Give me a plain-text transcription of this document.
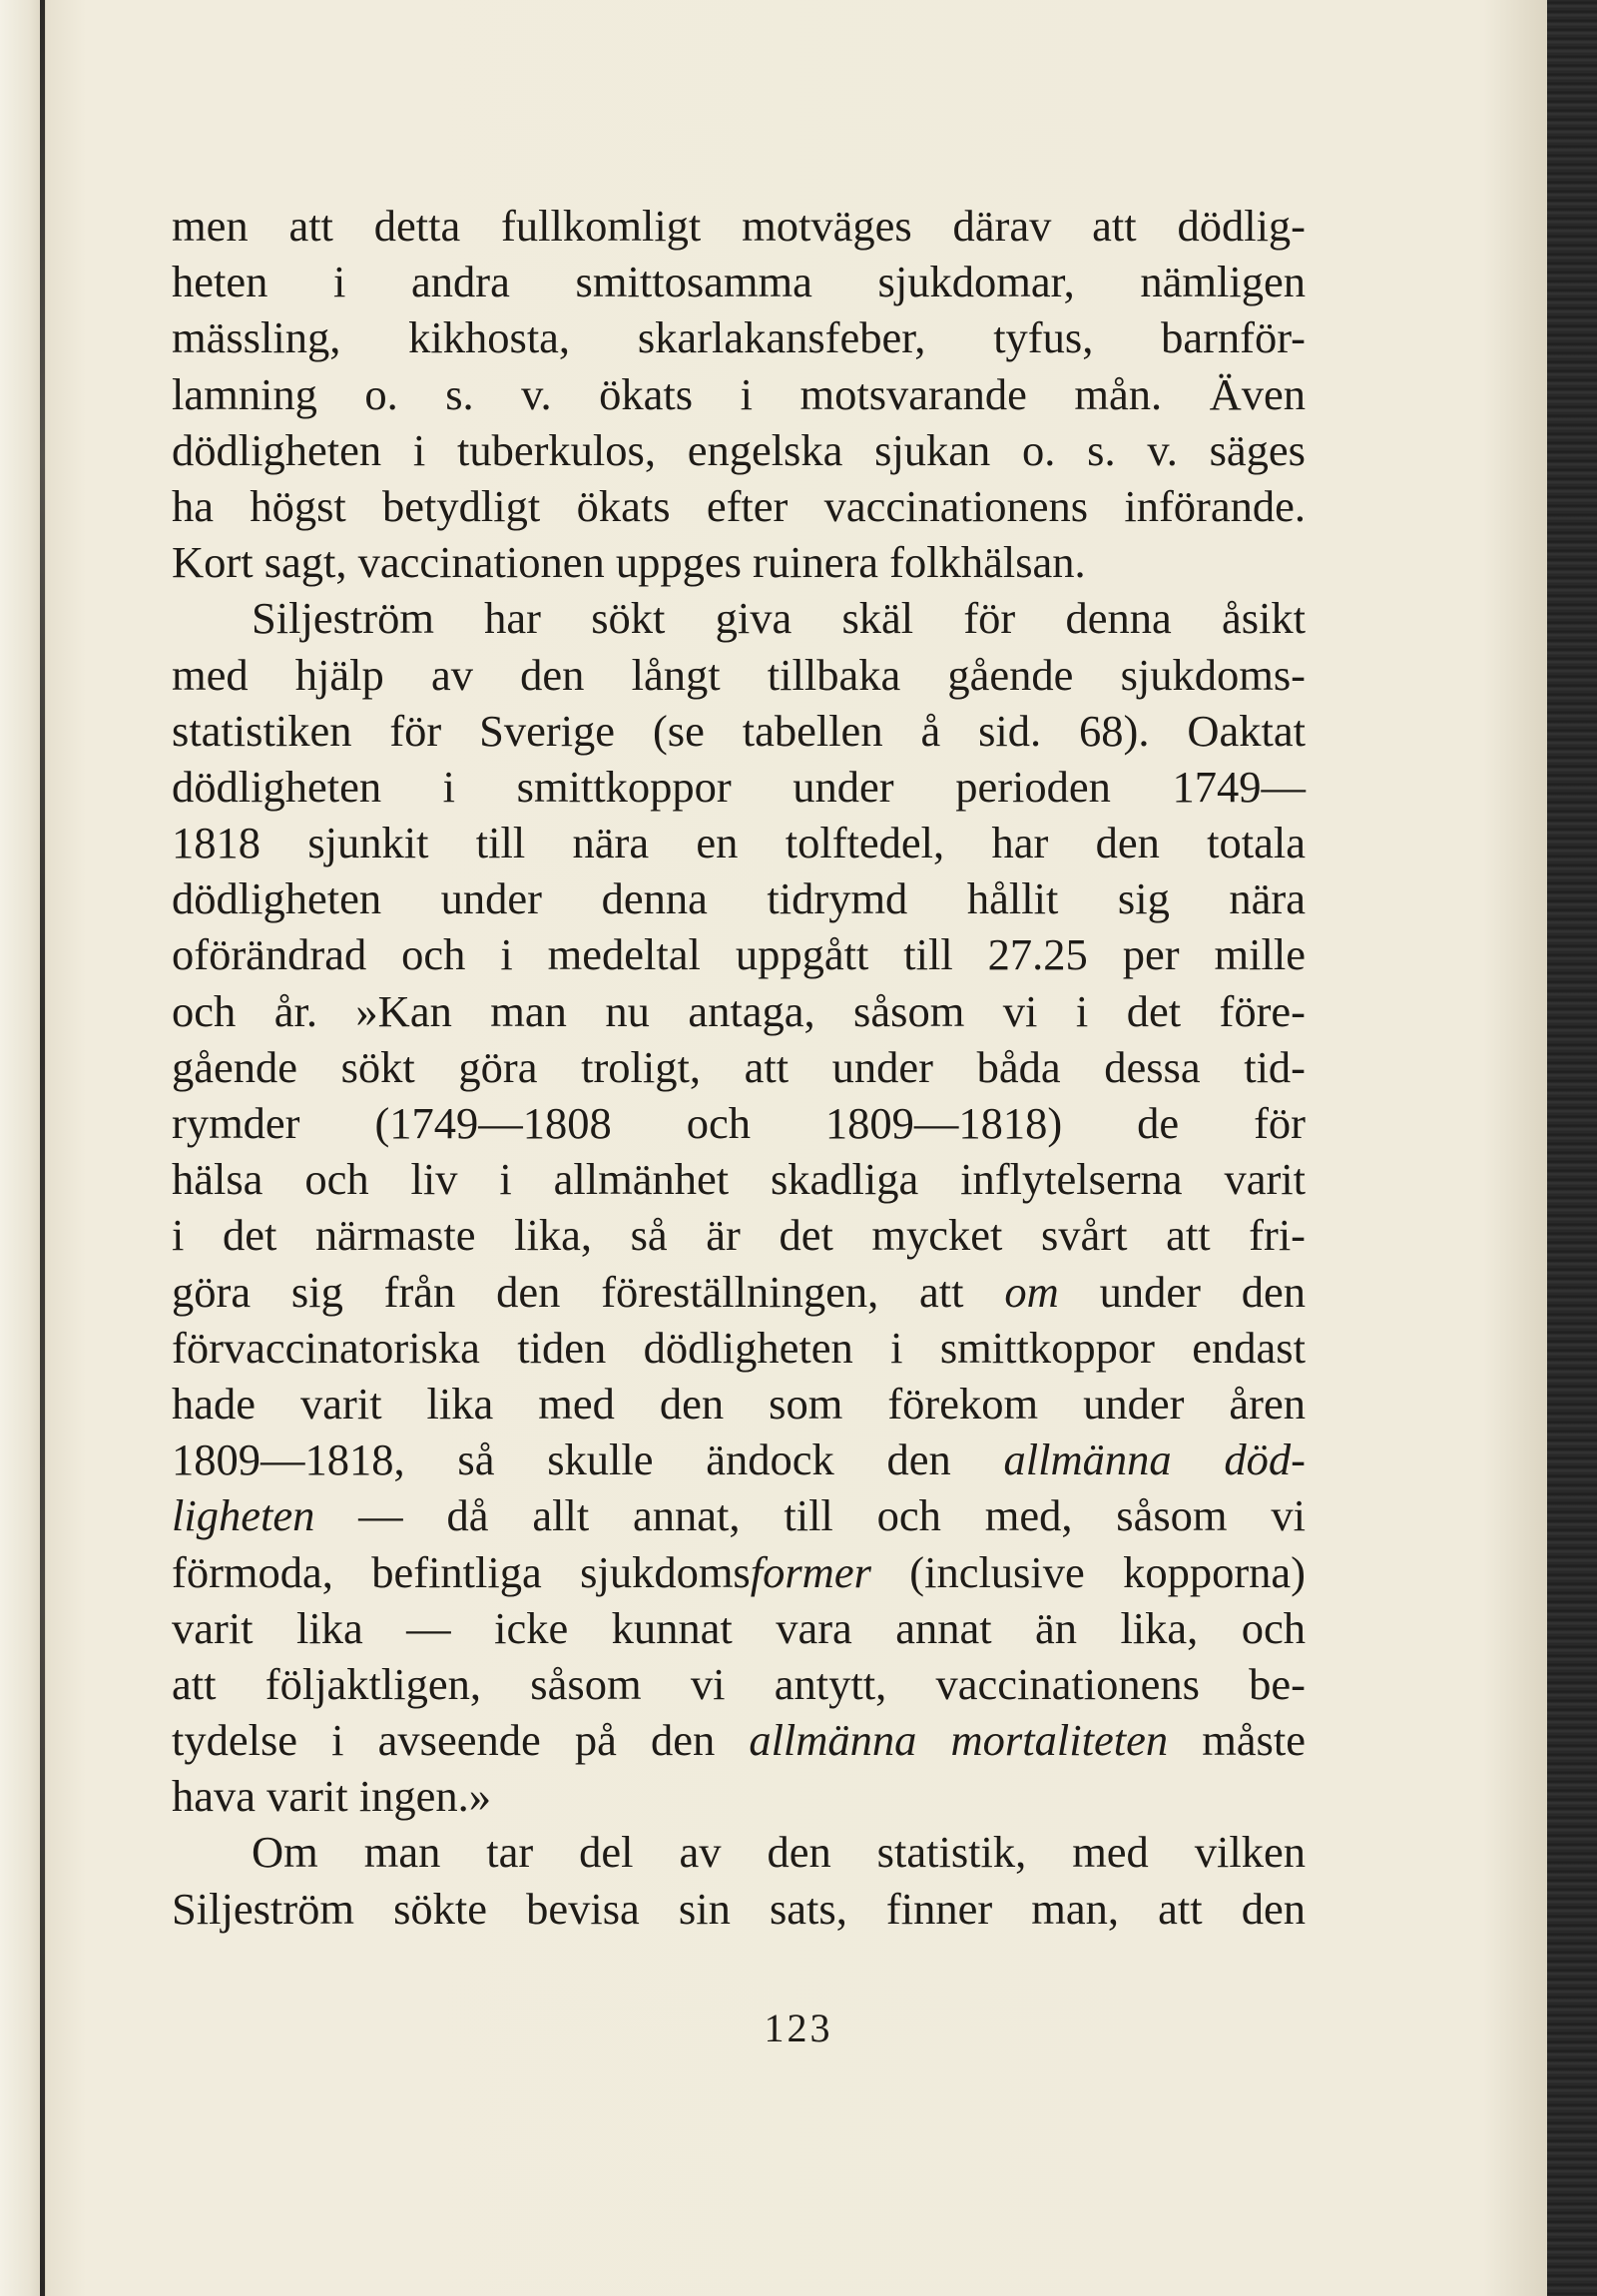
men att detta fullkomligt motväges därav att dödlig-
heten i andra smittosamma sjukdomar, nämligen
mässling, kikhosta, skarlakansfeber, tyfus, barnför-
lamning o. s. v. ökats i motsvarande mån. Även
dödligheten i tuberkulos, engelska sjukan o. s. v. säges
ha högst betydligt ökats efter vaccinationens införande.
Kort sagt, vaccinationen uppges ruinera folkhälsan.
Siljeström har sökt giva skäl för denna åsikt
med hjälp av den långt tillbaka gående sjukdoms-
statistiken för Sverige (se tabellen å sid. 68). Oaktat
dödligheten i smittkoppor under perioden 1749—
1818 sjunkit till nära en tolftedel, har den totala
dödligheten under denna tidrymd hållit sig nära
oförändrad och i medeltal uppgått till 27.25 per mille
och år. »Kan man nu antaga, såsom vi i det före-
gående sökt göra troligt, att under båda dessa tid-
rymder (1749—1808 och 1809—1818) de för
hälsa och liv i allmänhet skadliga inflytelserna varit
i det närmaste lika, så är det mycket svårt att fri-
göra sig från den föreställningen, att om under den
förvaccinatoriska tiden dödligheten i smittkoppor endast
hade varit lika med den som förekom under åren
1809—1818, så skulle ändock den allmänna död-
ligheten — då allt annat, till och med, såsom vi
förmoda, befintliga sjukdomsformer (inclusive kopporna)
varit lika — icke kunnat vara annat än lika, och
att följaktligen, såsom vi antytt, vaccinationens be-
tydelse i avseende på den allmänna mortaliteten måste
hava varit ingen.»
Om man tar del av den statistik, med vilken
Siljeström sökte bevisa sin sats, finner man, att den
123
